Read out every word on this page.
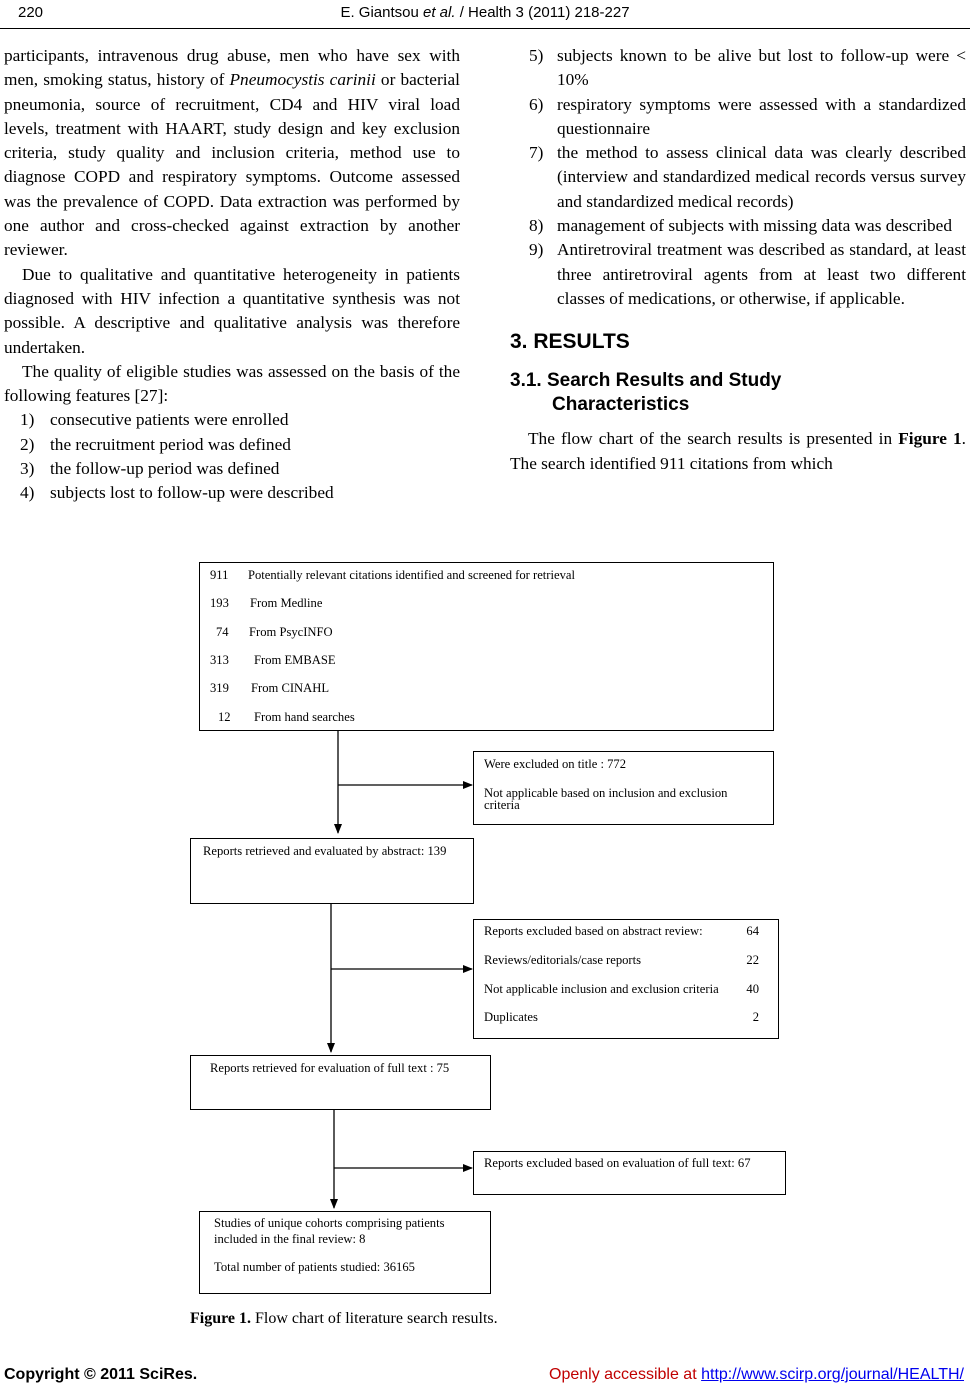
220	E. Giantsou et al. / Health 3 (2011) 218-227

participants, intravenous drug abuse, men who have sex with men, smoking status, history of Pneumocystis carinii or bacterial pneumonia, source of recruitment, CD4 and HIV viral load levels, treatment with HAART, study design and key exclusion criteria, study quality and inclusion criteria, method use to diagnose COPD and respiratory symptoms. Outcome assessed was the prevalence of COPD. Data extraction was performed by one author and cross-checked against extraction by another reviewer.

Due to qualitative and quantitative heterogeneity in patients diagnosed with HIV infection a quantitative synthesis was not possible. A descriptive and qualitative analysis was therefore undertaken.

The quality of eligible studies was assessed on the basis of the following features [27]:

1) consecutive patients were enrolled
2) the recruitment period was defined
3) the follow-up period was defined
4) subjects lost to follow-up were described
5) subjects known to be alive but lost to follow-up were < 10%
6) respiratory symptoms were assessed with a standardized questionnaire
7) the method to assess clinical data was clearly described (interview and standardized medical records versus survey and standardized medical records)
8) management of subjects with missing data was described
9) Antiretroviral treatment was described as standard, at least three antiretroviral agents from at least two different classes of medications, or otherwise, if applicable.
3. RESULTS
3.1. Search Results and Study
Characteristics

The flow chart of the search results is presented in Figure 1. The search identified 911 citations from which

911 Potentially relevant citations identified and screened for retrieval
193 From Medline
74 From PsycINFO
313 From EMBASE
319 From CINAHL
12 From hand searches
Were excluded on title : 772
Not applicable based on inclusion and exclusion
criteria
Reports retrieved and evaluated by abstract: 139
Reports excluded based on abstract review:	64
Reviews/editorials/case reports	22
Not applicable inclusion and exclusion criteria 40
Duplicates	2
Reports retrieved for evaluation of full text : 75
Reports excluded based on evaluation of full text: 67
Studies of unique cohorts comprising patients
included in the final review: 8
Total number of patients studied: 36165
Figure 1. Flow chart of literature search results.
Copyright © 2011 SciRes.	Openly accessible at http://www.scirp.org/journal/HEALTH/
